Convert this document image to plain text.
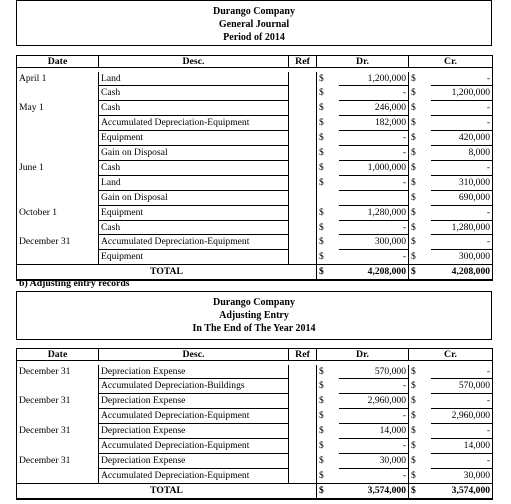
Durango Company
General Journal
Period of 2014
Date	Desc.	Ref	Dr.		Cr.	

April 1	Land		$	1,200,000	$	-
	Cash		$	-	$	1,200,000
May 1	Cash		$	246,000	$	-
	Accumulated Depreciation-Equipment		$	182,000	$	-
	Equipment		$	-	$	420,000
	Gain on Disposal		$	-	$	8,000
June 1	Cash		$	1,000,000	$	-
	Land		$	-	$	310,000
	Gain on Disposal				$	690,000
October 1	Equipment		$	1,280,000	$	-
	Cash		$	-	$	1,280,000
December 31	Accumulated Depreciation-Equipment		$	300,000	$	-
	Equipment		$	-	$	300,000
TOTAL			$	4,208,000	$	4,208,000
b) Adjusting entry records
Durango Company
Adjusting Entry
In The End of The Year 2014
Date	Desc.	Ref	Dr.		Cr.	

December 31	Depreciation Expense		$	570,000	$	-
	Accumulated Depreciation-Buildings		$	-	$	570,000
December 31	Depreciation Expense		$	2,960,000	$	-
	Accumulated Depreciation-Equipment		$	-	$	2,960,000
December 31	Depreciation Expense		$	14,000	$	-
	Accumulated Depreciation-Equipment		$	-	$	14,000
December 31	Depreciation Expense		$	30,000	$	-
	Accumulated Depreciation-Equipment		$	-	$	30,000
TOTAL			$	3,574,000	$	3,574,000
